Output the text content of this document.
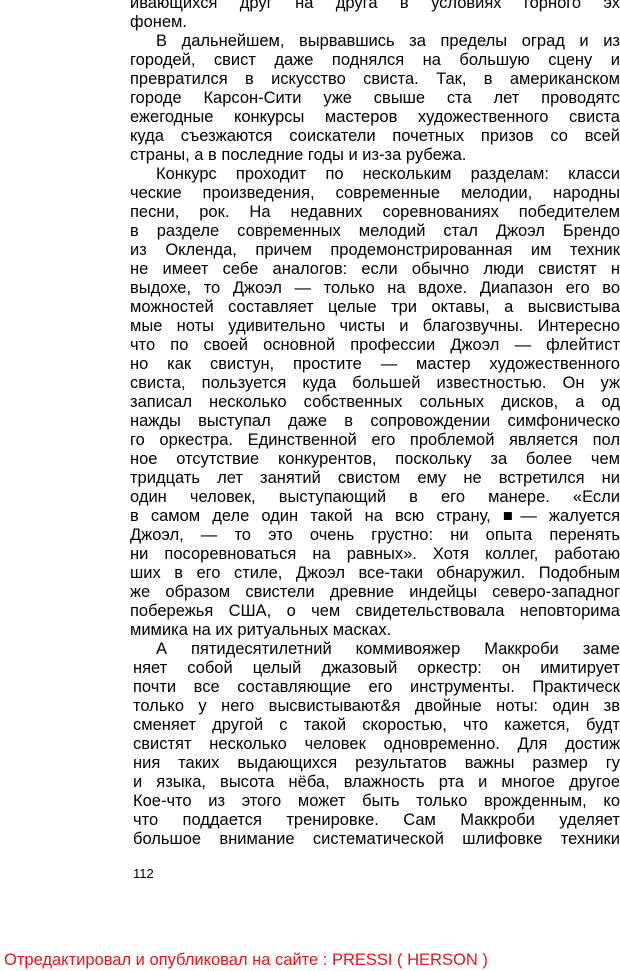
ивающихся друг на друга в условиях горного эх
фонем.
В дальнейшем, вырвавшись за пределы оград и из
городей, свист даже поднялся на большую сцену и
превратился в искусство свиста. Так, в американском
городе Карсон-Сити уже свыше ста лет проводятс
ежегодные конкурсы мастеров художественного свиста
куда съезжаются соискатели почетных призов со всей
страны, а в последние годы и из-за рубежа.
Конкурс проходит по нескольким разделам: класси
ческие произведения, современные мелодии, народны
песни, рок. На недавних соревнованиях победителем
в разделе современных мелодий стал Джоэл Брендо
из Окленда, причем продемонстрированная им техник
не имеет себе аналогов: если обычно люди свистят н
выдохе, то Джоэл — только на вдохе. Диапазон его во
можностей составляет целые три октавы, а высвистыва
мые ноты удивительно чисты и благозвучны. Интересно
что по своей основной профессии Джоэл — флейтист
но как свистун, простите — мастер художественного
свиста, пользуется куда большей известностью. Он уж
записал несколько собственных сольных дисков, а од
нажды выступал даже в сопровождении симфоническо
го оркестра. Единственной его проблемой является пол
ное отсутствие конкурентов, поскольку за более чем
тридцать лет занятий свистом ему не встретился ни
один человек, выступающий в его манере. «Если
в самом деле один такой на всю страну, ■— жалуется
Джоэл, — то это очень грустно: ни опыта перенять
ни посоревноваться на равных». Хотя коллег, работаю
ших в его стиле, Джоэл все-таки обнаружил. Подобным
же образом свистели древние индейцы северо-западног
побережья США, о чем свидетельствовала неповторима
мимика на их ритуальных масках.
А пятидесятилетний коммивояжер Маккроби заме
няет собой целый джазовый оркестр: он имитирует
почти все составляющие его инструменты. Практическ
только у него высвистывают&я двойные ноты: один зв
сменяет другой с такой скоростью, что кажется, будт
свистят несколько человек одновременно. Для достиж
ния таких выдающихся результатов важны размер гу
и языка, высота нёба, влажность рта и многое другое
Кое-что из этого может быть только врожденным, ко
что поддается тренировке. Сам Маккроби уделяет
большое внимание систематической шлифовке техники
112
Отредактировал и опубликовал на сайте : PRESSI ( HERSON )
